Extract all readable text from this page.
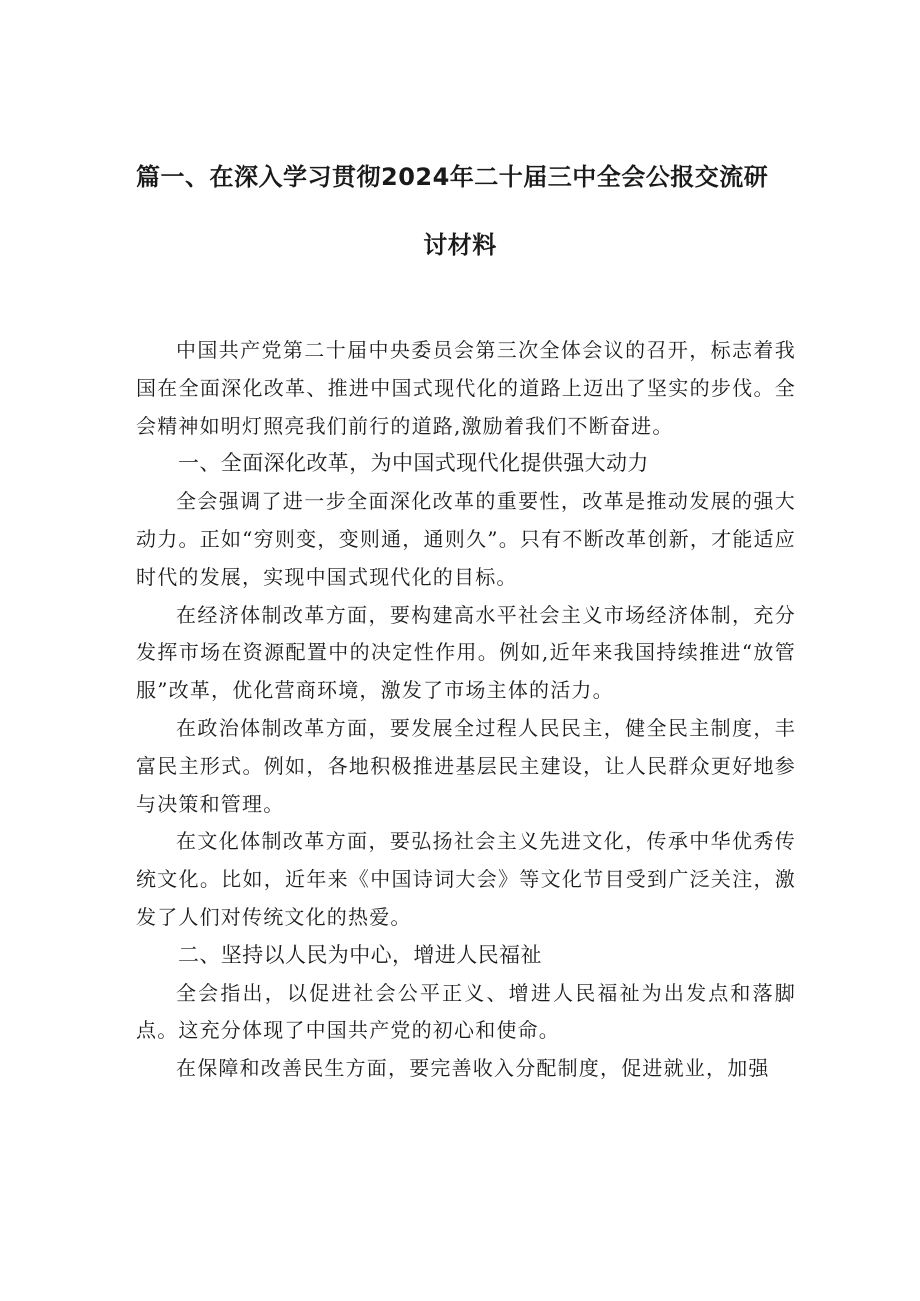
篇一、在深入学习贯彻2024年二十届三中全会公报交流研
讨材料

中国共产党第二十届中央委员会第三次全体会议的召开，标志着我国在全面深化改革、推进中国式现代化的道路上迈出了坚实的步伐。全会精神如明灯照亮我们前行的道路,激励着我们不断奋进。

一、全面深化改革，为中国式现代化提供强大动力

全会强调了进一步全面深化改革的重要性，改革是推动发展的强大动力。正如“穷则变，变则通，通则久”。只有不断改革创新，才能适应时代的发展，实现中国式现代化的目标。

在经济体制改革方面，要构建高水平社会主义市场经济体制，充分发挥市场在资源配置中的决定性作用。例如,近年来我国持续推进“放管服”改革，优化营商环境，激发了市场主体的活力。

在政治体制改革方面，要发展全过程人民民主，健全民主制度，丰富民主形式。例如，各地积极推进基层民主建设，让人民群众更好地参与决策和管理。

在文化体制改革方面，要弘扬社会主义先进文化，传承中华优秀传统文化。比如，近年来《中国诗词大会》等文化节目受到广泛关注，激发了人们对传统文化的热爱。

二、坚持以人民为中心，增进人民福祉

全会指出，以促进社会公平正义、增进人民福祉为出发点和落脚点。这充分体现了中国共产党的初心和使命。

在保障和改善民生方面，要完善收入分配制度，促进就业，加强
